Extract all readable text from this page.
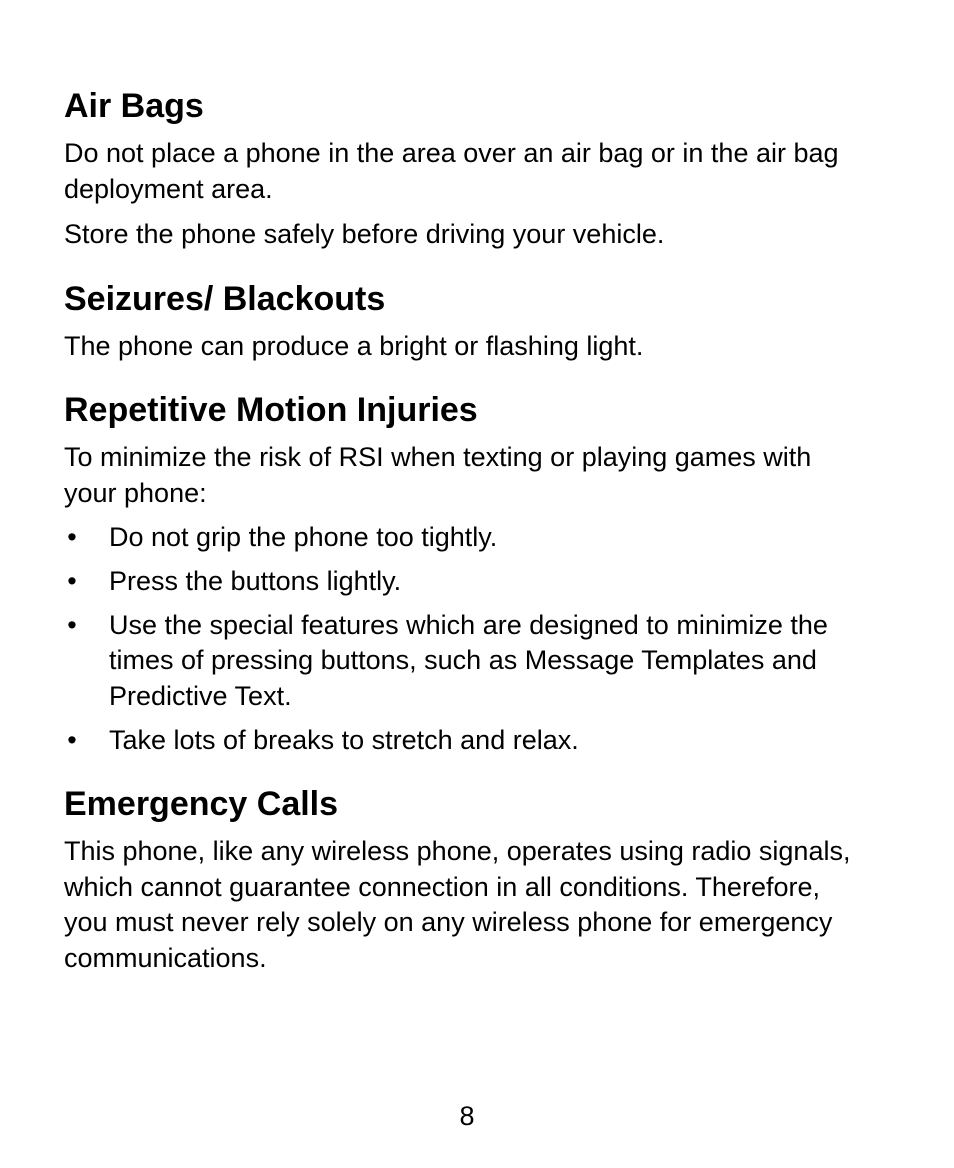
Air Bags

Do not place a phone in the area over an air bag or in the air bag deployment area.

Store the phone safely before driving your vehicle.

Seizures/ Blackouts

The phone can produce a bright or flashing light.

Repetitive Motion Injuries

To minimize the risk of RSI when texting or playing games with your phone:

• Do not grip the phone too tightly.
• Press the buttons lightly.
• Use the special features which are designed to minimize the times of pressing buttons, such as Message Templates and Predictive Text.
• Take lots of breaks to stretch and relax.
Emergency Calls

This phone, like any wireless phone, operates using radio signals, which cannot guarantee connection in all conditions. Therefore, you must never rely solely on any wireless phone for emergency communications.

8
